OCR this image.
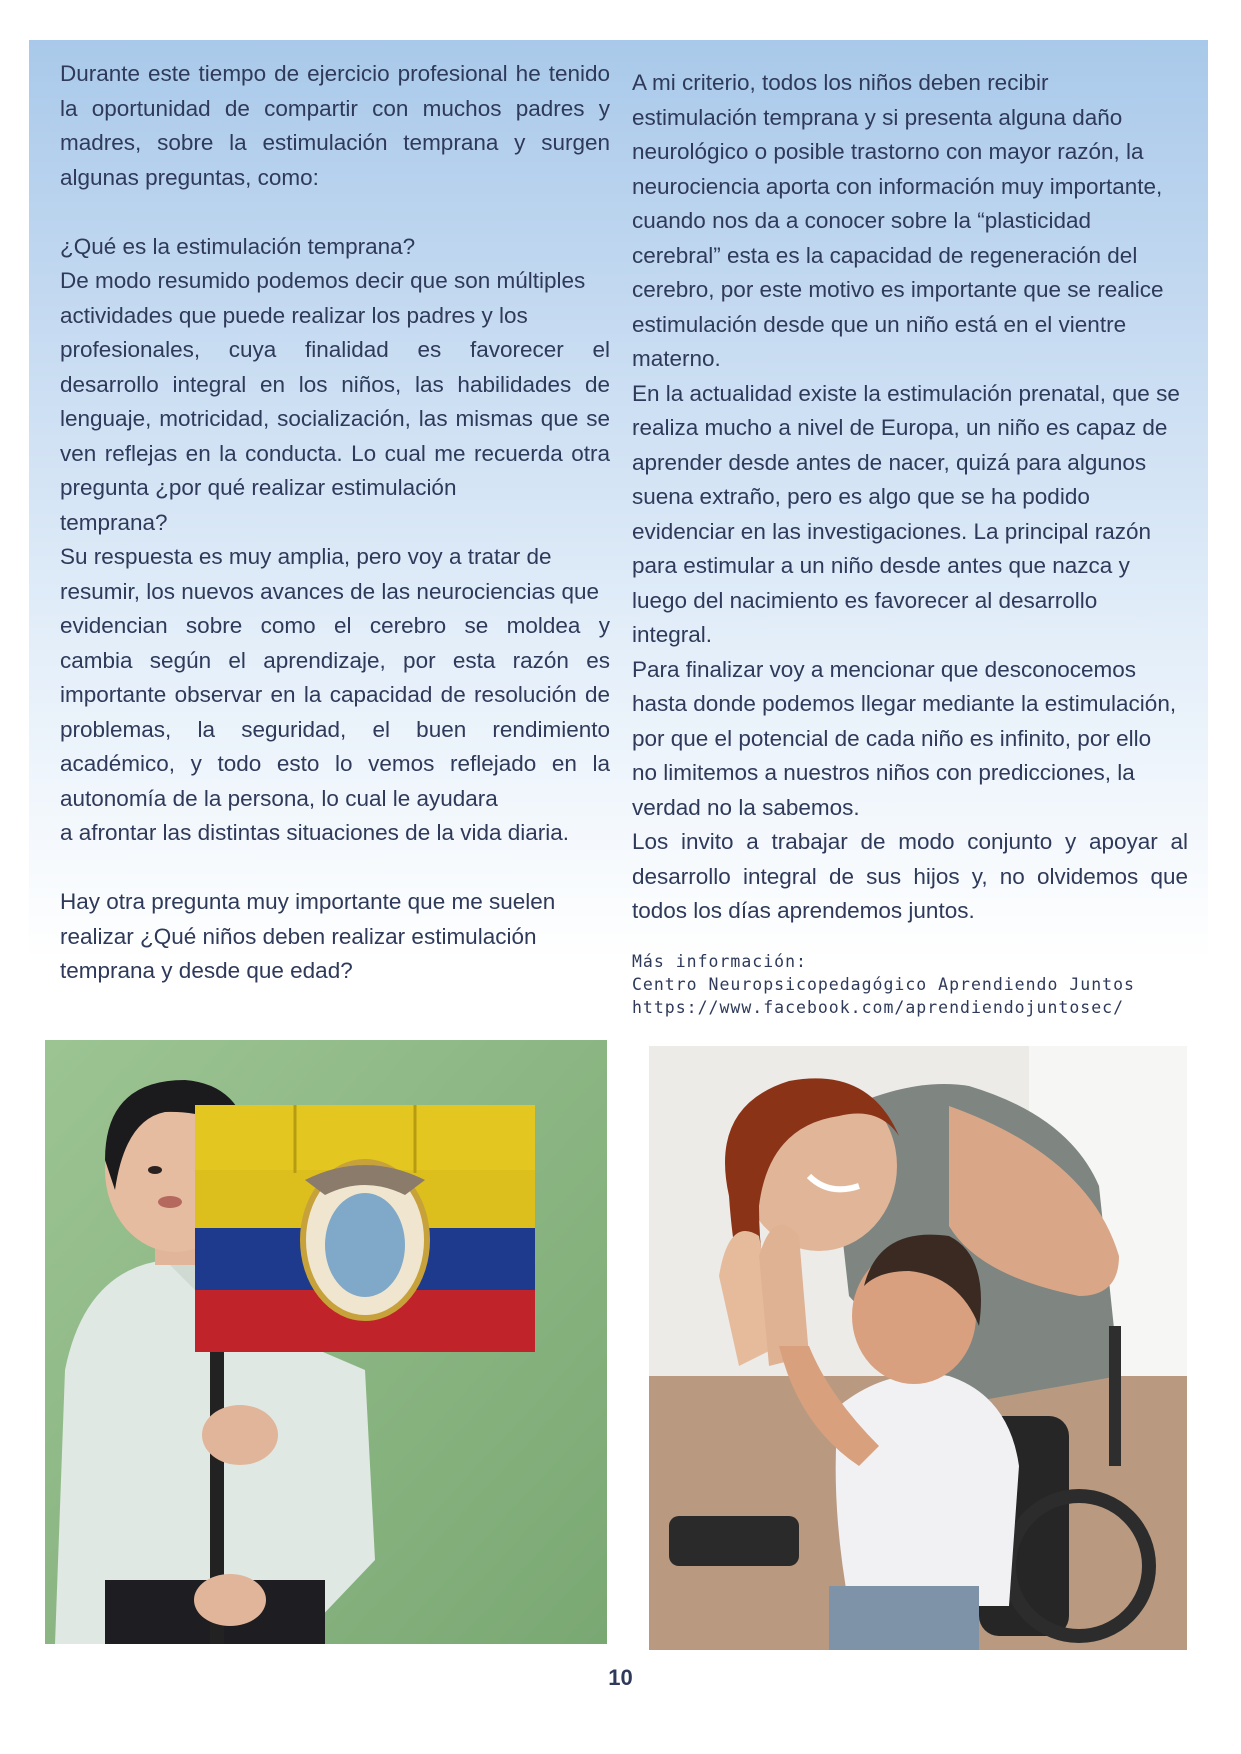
Durante este tiempo de ejercicio profesional he tenido

la oportunidad de compartir con muchos padres y

madres, sobre la estimulación temprana y surgen

algunas preguntas, como:

¿Qué es la estimulación temprana?

De modo resumido podemos decir que son múltiples

actividades que puede realizar los padres y los

profesionales, cuya finalidad es favorecer el

desarrollo integral en los niños, las habilidades de

lenguaje, motricidad, socialización, las mismas que se

ven reflejas en la conducta. Lo cual me recuerda otra

pregunta ¿por qué realizar estimulación

temprana?

Su respuesta es muy amplia, pero voy a tratar de

resumir, los nuevos avances de las neurociencias que

evidencian sobre como el cerebro se moldea y

cambia según el aprendizaje, por esta razón es

importante observar en la capacidad de resolución de

problemas, la seguridad, el buen rendimiento

académico, y todo esto lo vemos reflejado en la

autonomía de la persona, lo cual le ayudara

a afrontar las distintas situaciones de la vida diaria.

Hay otra pregunta muy importante que me suelen

realizar ¿Qué niños deben realizar estimulación

temprana y desde que edad?

A mi criterio, todos los niños deben recibir

estimulación temprana y si presenta alguna daño

neurológico o posible trastorno con mayor razón, la

neurociencia aporta con información muy importante,

cuando nos da a conocer sobre la “plasticidad

cerebral” esta es la capacidad de regeneración del

cerebro, por este motivo es importante que se realice

estimulación desde que un niño está en el vientre

materno.

En la actualidad existe la estimulación prenatal, que se

realiza mucho a nivel de Europa, un niño es capaz de

aprender desde antes de nacer, quizá para algunos

suena extraño, pero es algo que se ha podido

evidenciar en las investigaciones. La principal razón

para estimular a un niño desde antes que nazca y

luego del nacimiento es favorecer al desarrollo

integral.

Para finalizar voy a mencionar que desconocemos

hasta donde podemos llegar mediante la estimulación,

por que el potencial de cada niño es infinito, por ello

no limitemos a nuestros niños con predicciones, la

verdad no la sabemos.

Los invito a trabajar de modo conjunto y apoyar al

desarrollo integral de sus hijos y, no olvidemos que

todos los días aprendemos juntos.

Más información:
Centro Neuropsicopedagógico Aprendiendo Juntos
https://www.facebook.com/aprendiendojuntosec/
10
